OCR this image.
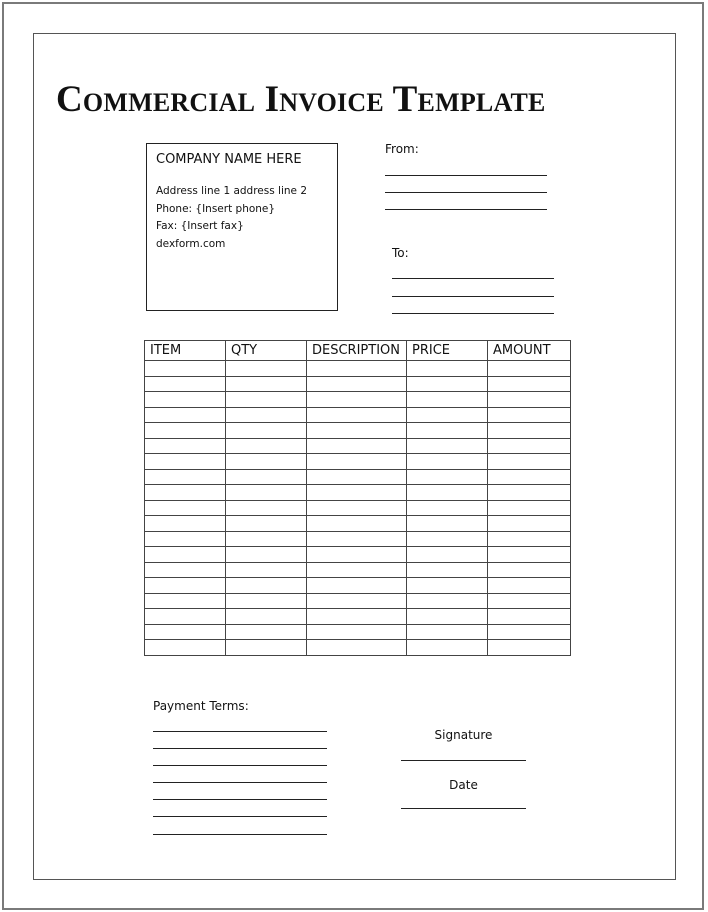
Commercial Invoice Template
COMPANY NAME HERE
Address line 1 address line 2
Phone: {Insert phone}
Fax: {Insert fax}
dexform.com
From:
To:
ITEM	QTY	DESCRIPTION	PRICE	AMOUNT

Payment Terms:
Signature
Date
